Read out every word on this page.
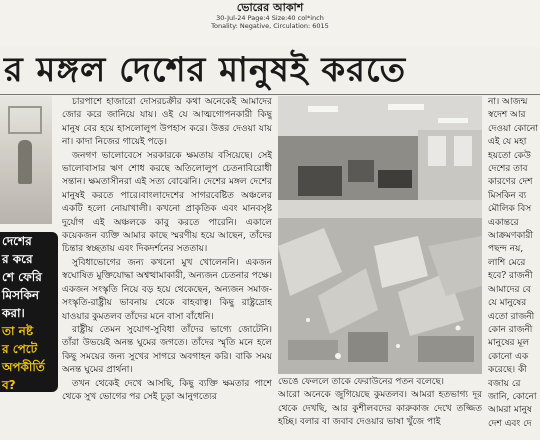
ভোরের আকাশ
30-Jul-24 Page:4 Size:40 col*inch
Tonality: Negative, Circulation: 6015
র মঙ্গল দেশের মানুষই করতে
দেশের
র করে
শে ফেরি
মিসকিন
করা।
তা নষ্ট
র পেটে
অপকীর্তি
ব?

চারপাশে হাজারো দোসরচক্রীর কথা অনেকেই আমাদের জোর করে জানিয়ে যায়। ওই যে আত্মগোপনকারী কিছু মানুষ বের হয়ে হাসলোলুপ উপহাস করে। উত্তর দেওয়া যায় না। কাদা নিজের গায়েই পড়ে।

জনগণ ভালোবেসে সরকারকে ক্ষমতায় বসিয়েছে। সেই ভালোবাসার ঋণ শোধ করছে অতিলোলুপ চেতনাবিরোধী সন্তান। ক্ষমতাসীনরা এই সত্য বোঝেনি। দেশের মঙ্গল দেশের মানুষই করতে পারে।বাংলাদেশের সাগরবেষ্টিত অঞ্চলের একটি হলো নোয়াখালী। কখনো প্রাকৃতিক এবং মানবসৃষ্ট দুর্যোগ এই অঞ্চলকে কাবু করতে পারেনি। একালে কয়েকজন ব্যক্তি আমার কাছে স্মরণীয় হয়ে আছেন, তাঁদের চিন্তার স্বচ্ছতায় এবং দিকদর্শনের সততায়।

সুবিধাভোগের জন্য কখনো মুখ খোলেননি। একজন স্বঘোষিত মুক্তিযোদ্ধা অশ্বত্থামাকারী, অন্যজন চেতনার পক্ষে। একজন সংস্কৃতি নিয়ে বড় হয়ে থেকেছেন, অন্যজন সমাজ-সংস্কৃতি-রাষ্ট্রীয় ভাবনায় থেকে বাহবাত্ব। কিছু রাষ্ট্রদ্রোহ যাওয়ার কুমতলব তাঁদের মনে বাসা বাঁধেনি।

রাষ্ট্রীয় তেমন সুযোগ-সুবিধা তাঁদের ভাগ্যে জোটেনি। তাঁরা উভয়েই অনন্ত ঘুমের জগতে। তাঁদের স্মৃতি মনে হলে কিছু সময়ের জন্য সুখের সাগরে অবগাহন করি। বাকি সময় অনন্ত ঘুমের প্রার্থনা।

তখন থেকেই দেখে আসছি, কিছু ব্যক্তি ক্ষমতার পাশে থেকে সুখ ভোগের পর সেই চূড়া আনুগত্যের

ভেঙে ফেললে তাকে ফেরাউনের পতন বলেছে।

আরো অনেকে জুগিয়েছে কুমতলব। আমরা হতভাগ্য দূর থেকে দেখছি, আর কুশীলবদের কারুকাজ দেখে তজ্জিত হচ্ছি। বলার বা জবাব দেওয়ার ভাষা খুঁজে পাই

না। আজন্ম

স্বদেশ আর

দেওয়া কোনো

এই যে মহা

হয়তো কেউ

দেশের তাব

কারণের দেশ

মিসকিন ব্য

মৌলিক বিস

একান্তরে

আক্রমণকারী

পছন্দ নয়,

লাশি মেরে

হবে? রাজনী

আমাদের বে

যে মানুষের

এতো রাজনী

কোন রাজনী

মানুষের মূল

কোনো এক

করেছে। কী

বজায় রে

জানি, কোনো

আমরা মানুষ

দেশ এবং দে
